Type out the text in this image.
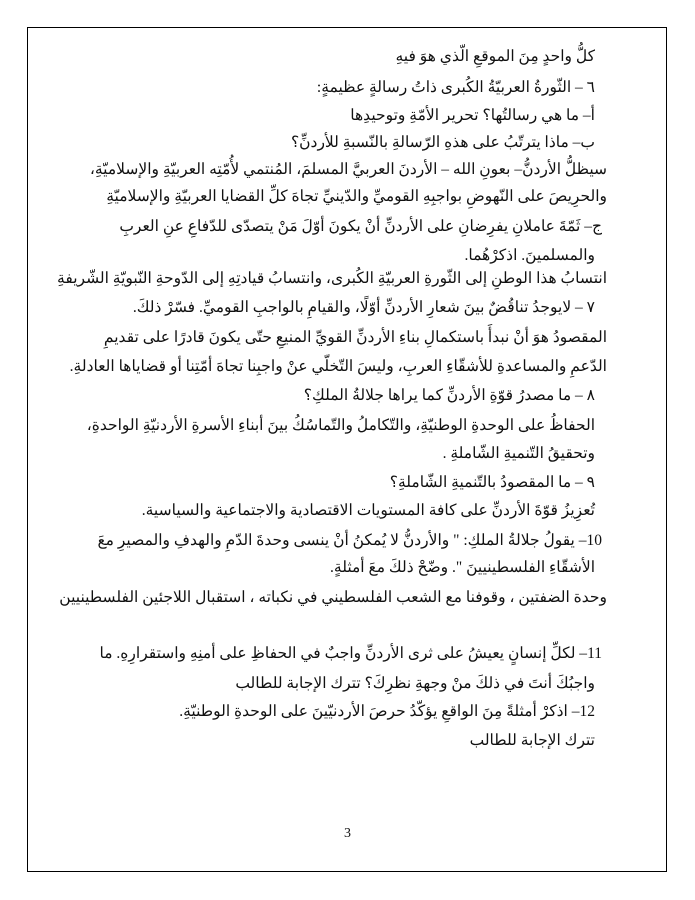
كلُّ واحدٍ مِنَ الموقعِ الّذي هوَ فيهِ
٦ – الثّورةُ العربيّةُ الكُبرى ذاتُ رسالةٍ عظيمةٍ:
أ– ما هي رسالتُها؟ تحرير الأمّةِ وتوحيدِها
ب– ماذا يترتّبُ على هذهِ الرّسالةِ بالنّسبةِ للأردنِّ؟
سيظلُّ الأردنُّ– بعونِ الله – الأردنَ العربيَّ المسلمَ، المُنتمي لأُمّتِه العربيّةِ والإسلاميّةِ،
والحرِيصَ على النّهوضِ بواجبِهِ القوميِّ والدّينيِّ تجاهَ كلِّ القضايا العربيّةِ والإسلاميّةِ
ج– ثَمّةَ عاملانِ يفرِضانِ على الأردنِّ أنْ يكونَ أوّلَ مَنْ يتصدّى للدّفاعِ عنِ العربِ
والمسلمينَ. اذكرْهُما.
انتسابُ هذا الوطنِ إلى الثّورةِ العربيّةِ الكُبرى، وانتسابُ قيادتِهِ إلى الدّوحةِ النّبويّةِ الشّريفةِ
٧ – لايوجدُ تناقُضٌ بينَ شعارِ الأردنِّ أوّلًا، والقيامِ بالواجبِ القوميِّ. فسّرْ ذلكَ.
المقصودُ هوَ أنْ نبدأَ باستكمالِ بناءِ الأردنِّ القويِّ المنيعِ حتّى يكونَ قادرًا على تقديمِ
الدّعمِ والمساعدةِ للأشقّاءِ العربِ، وليسَ التّخلّي عنْ واجبِنا تجاهَ أمّتِنا أو قضاياها العادلةِ.
٨ – ما مصدرُ قوّةِ الأردنِّ كما يراها جلالةُ الملكِ؟
الحفاظُ على الوحدةِ الوطنيّةِ، والتّكاملُ والتّماسُكُ بينَ أبناءِ الأسرةِ الأردنيّةِ الواحدةِ،
وتحقيقُ التّنميةِ الشّاملةِ .
٩ – ما المقصودُ بالتّنميةِ الشّاملةِ؟
تُعزِيزُ قوّةَ الأردنِّ على كافة المستويات الاقتصادية والاجتماعية والسياسية.
10– يقولُ جلالةُ الملكِ: " والأردنُّ لا يُمكنُ أنْ ينسى وحدةَ الدّمِ والهدفِ والمصيرِ معَ
الأشقّاءِ الفلسطينيينَ ". وضّحْ ذلكَ معَ أمثلةٍ.
وحدة الضفتين ، وقوفنا مع الشعب الفلسطيني في نكباته ، استقبال اللاجئين الفلسطينيين
11– لكلِّ إنسانٍ يعيشُ على ثرى الأردنِّ واجبٌ في الحفاظِ على أمنِهِ واستقرارِهِ. ما
واجبُكَ أنتَ في ذلكَ منْ وجهةِ نظرِكَ؟ تترك الإجابة للطالب
12– اذكرْ أمثلةً مِنَ الواقعِ يؤكّدُ حرصَ الأردنيّينَ على الوحدةِ الوطنيّةِ.
تترك الإجابة للطالب
3
